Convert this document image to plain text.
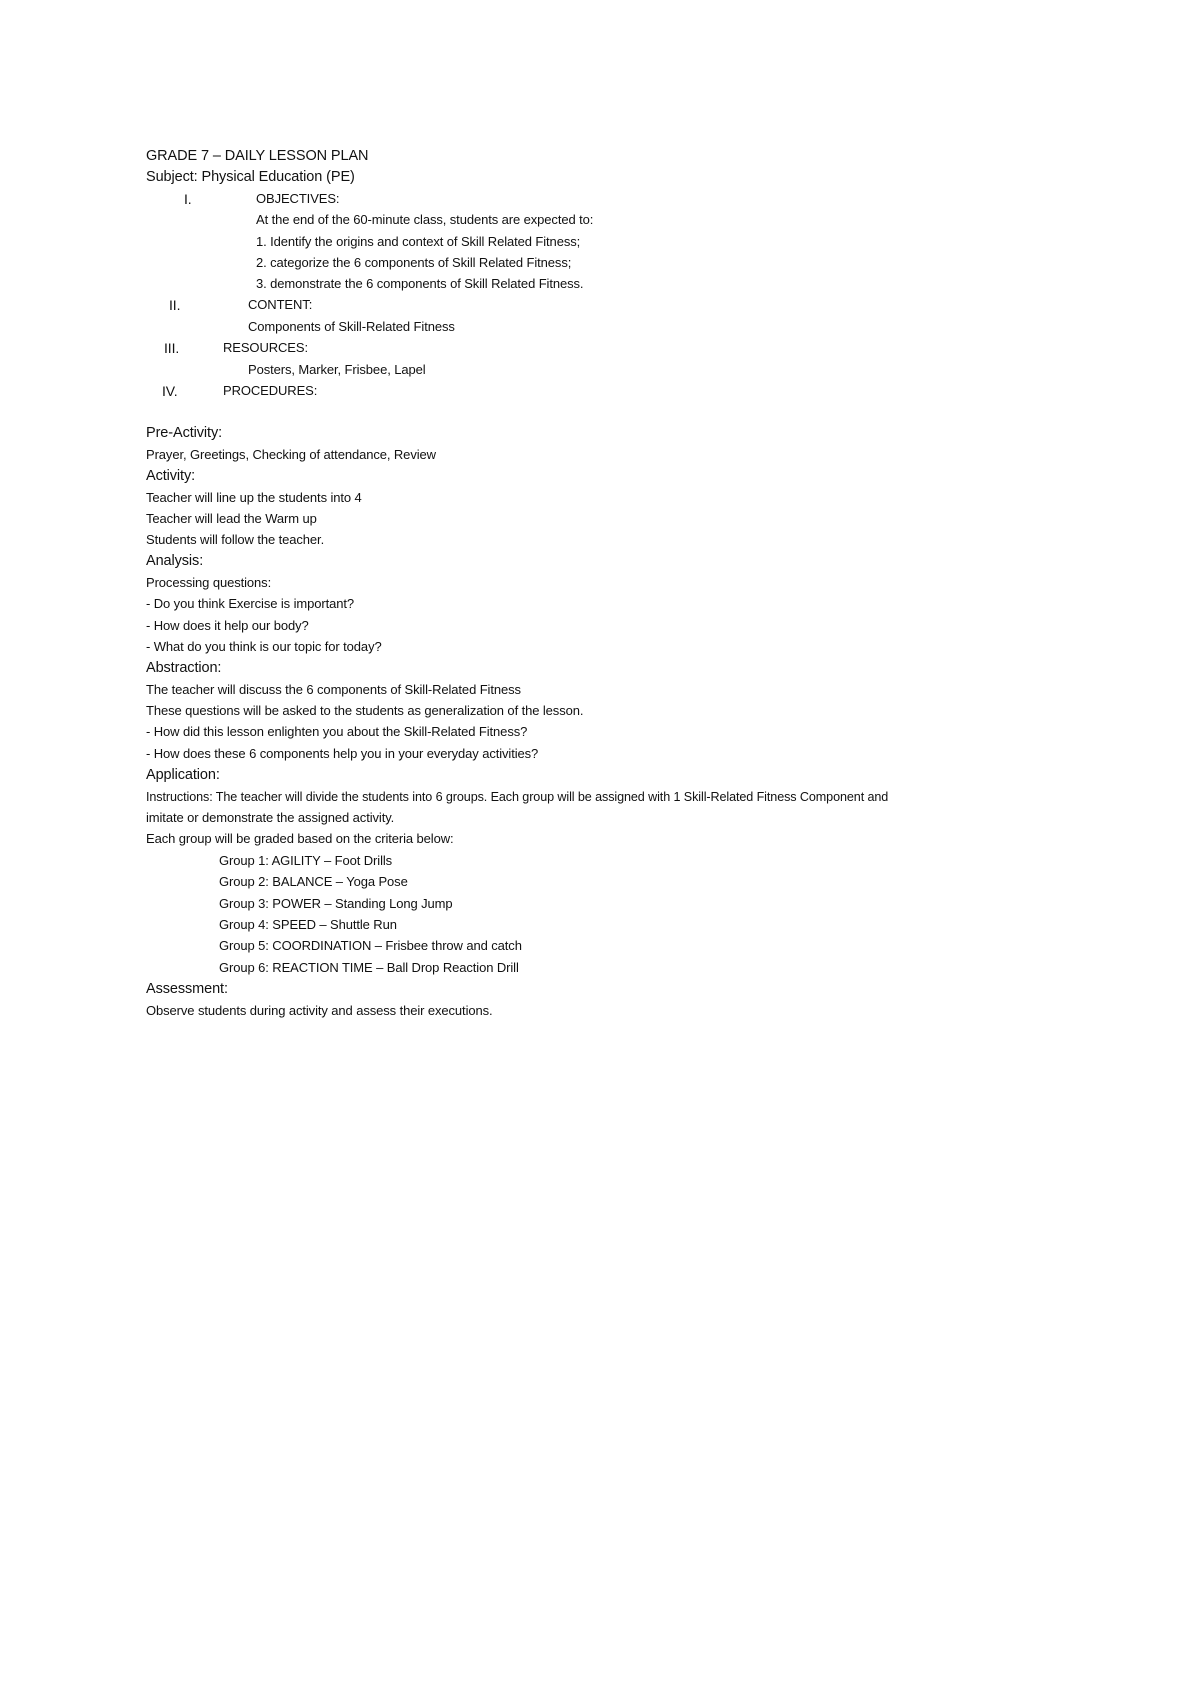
GRADE 7 – DAILY LESSON PLAN
Subject: Physical Education (PE)
I.	OBJECTIVES:
At the end of the 60-minute class, students are expected to:
1. Identify the origins and context of Skill Related Fitness;
2. categorize the 6 components of Skill Related Fitness;
3. demonstrate the 6 components of Skill Related Fitness.
II.	CONTENT:
Components of Skill-Related Fitness
III.	RESOURCES:
Posters, Marker, Frisbee, Lapel
IV.	PROCEDURES:
Pre-Activity:
Prayer, Greetings, Checking of attendance, Review
Activity:
Teacher will line up the students into 4
Teacher will lead the Warm up
Students will follow the teacher.
Analysis:
Processing questions:
- Do you think Exercise is important?
- How does it help our body?
- What do you think is our topic for today?
Abstraction:
The teacher will discuss the 6 components of Skill-Related Fitness
These questions will be asked to the students as generalization of the lesson.
- How did this lesson enlighten you about the Skill-Related Fitness?
- How does these 6 components help you in your everyday activities?
Application:
Instructions: The teacher will divide the students into 6 groups. Each group will be assigned with 1 Skill-Related Fitness Component and
imitate or demonstrate the assigned activity.
Each group will be graded based on the criteria below:
Group 1: AGILITY – Foot Drills
Group 2: BALANCE – Yoga Pose
Group 3: POWER – Standing Long Jump
Group 4: SPEED – Shuttle Run
Group 5: COORDINATION – Frisbee throw and catch
Group 6: REACTION TIME – Ball Drop Reaction Drill
Assessment:
Observe students during activity and assess their executions.
